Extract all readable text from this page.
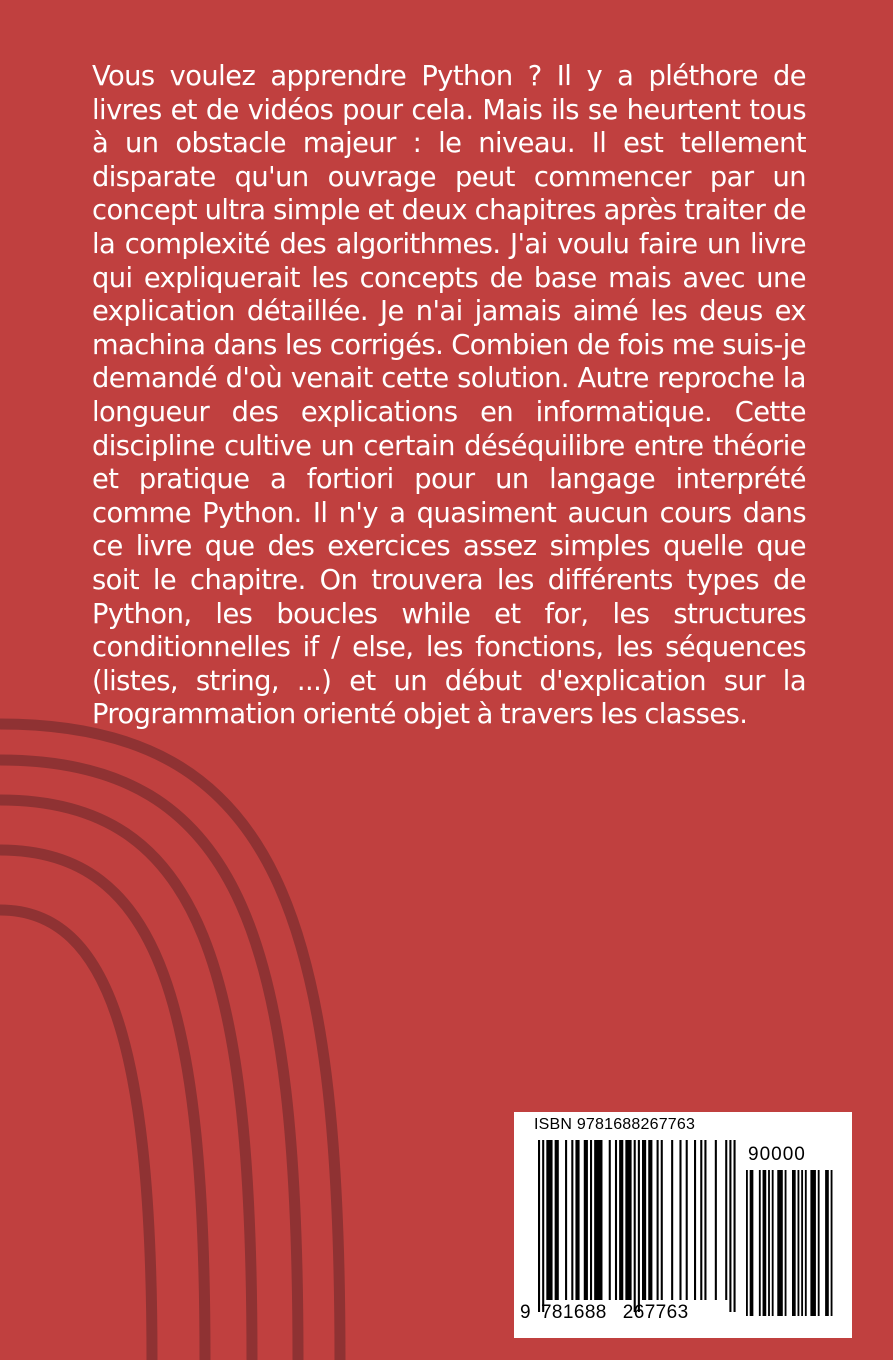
Vous voulez apprendre Python ? Il y a pléthore de livres et de vidéos pour cela. Mais ils se heurtent tous à un obstacle majeur : le niveau. Il est tellement disparate qu'un ouvrage peut commencer par un concept ultra simple et deux chapitres après traiter de la complexité des algorithmes. J'ai voulu faire un livre qui expliquerait les concepts de base mais avec une explication détaillée. Je n'ai jamais aimé les deus ex machina dans les corrigés. Combien de fois me suis-je demandé d'où venait cette solution. Autre reproche la longueur des explications en informatique. Cette discipline cultive un certain déséquilibre entre théorie et pratique a fortiori pour un langage interprété comme Python. Il n'y a quasiment aucun cours dans ce livre que des exercices assez simples quelle que soit le chapitre. On trouvera les différents types de Python, les boucles while et for, les structures conditionnelles if / else, les fonctions, les séquences (listes, string, ...) et un début d'explication sur la Programmation orienté objet à travers les classes.

ISBN 9781688267763
90000
9 781688 267763
